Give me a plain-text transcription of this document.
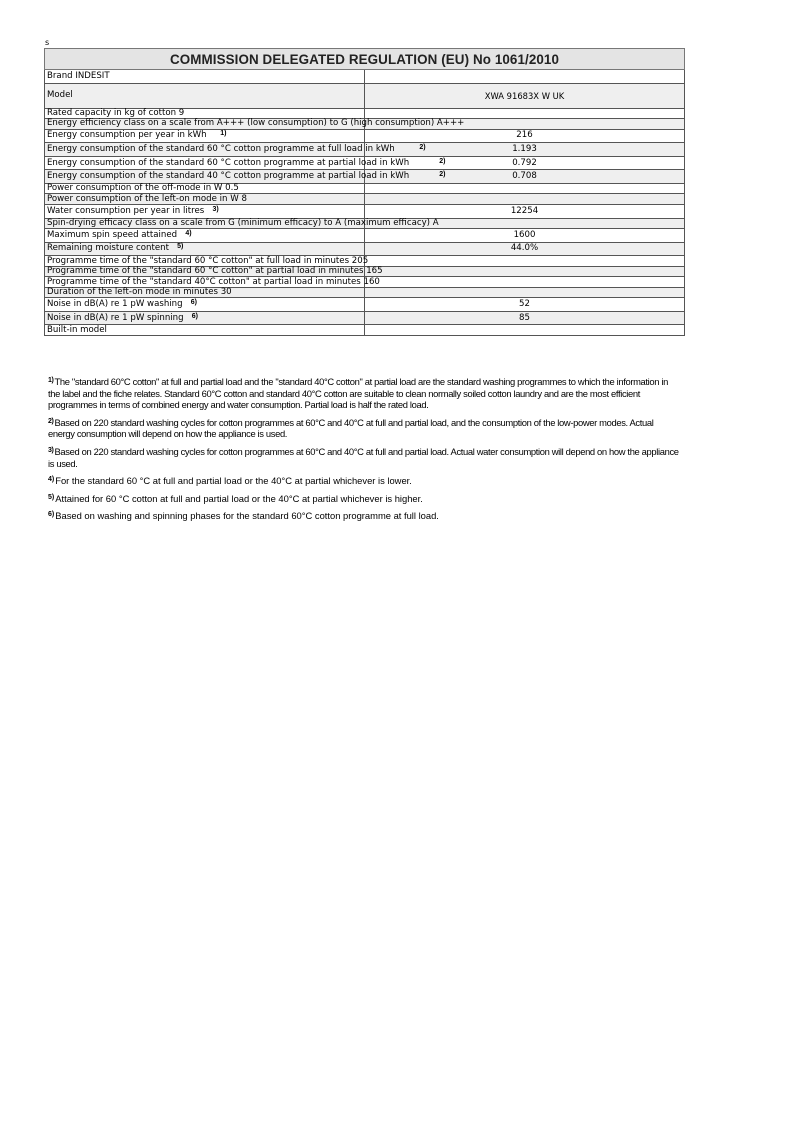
s
COMMISSION DELEGATED REGULATION (EU) No 1061/2010	
Brand INDESIT	
Model	XWA 91683X W UK
Rated capacity in kg of cotton 9	
Energy efficiency class on a scale from A+++ (low consumption) to G (high consumption) A+++	
Energy consumption per year in kWh $^{1)}$	216
Energy consumption of the standard 60 °C cotton programme at full load in kWh $^{2)}$	1.193
Energy consumption of the standard 60 °C cotton programme at partial load in kWh $^{2)}$	0.792
Energy consumption of the standard 40 °C cotton programme at partial load in kWh $^{2)}$	0.708
Power consumption of the off-mode in W 0.5	
Power consumption of the left-on mode in W 8	
Water consumption per year in litres $^{3)}$	12254
Spin-drying efficacy class on a scale from G (minimum efficacy) to A (maximum efficacy) A	
Maximum spin speed attained $^{4)}$	1600
Remaining moisture content $^{5)}$	44.0%
Programme time of the "standard 60 °C cotton" at full load in minutes 205	
Programme time of the "standard 60 °C cotton" at partial load in minutes 165	
Programme time of the "standard 40°C cotton" at partial load in minutes 160	
Duration of the left-on mode in minutes 30	
Noise in dB(A) re 1 pW washing $^{6)}$	52
Noise in dB(A) re 1 pW spinning $^{6)}$	85
Built-in model	
$^{1)}$The "standard 60°C cotton" at full and partial load and the "standard 40°C cotton" at partial load are the standard washing programmes to which the information in the label and the fiche relates. Standard 60°C cotton and standard 40°C cotton are suitable to clean normally soiled cotton laundry and are the most efficient programmes in terms of combined energy and water consumption. Partial load is half the rated load.
$^{2)}$Based on 220 standard washing cycles for cotton programmes at 60°C and 40°C at full and partial load, and the consumption of the low-power modes. Actual energy consumption will depend on how the appliance is used.
$^{3)}$Based on 220 standard washing cycles for cotton programmes at 60°C and 40°C at full and partial load. Actual water consumption will depend on how the appliance is used.
$^{4)}$For the standard 60 °C at full and partial load or the 40°C at partial whichever is lower.
$^{5)}$Attained for 60 °C cotton at full and partial load or the 40°C at partial whichever is higher.
$^{6)}$Based on washing and spinning phases for the standard 60°C cotton programme at full load.
